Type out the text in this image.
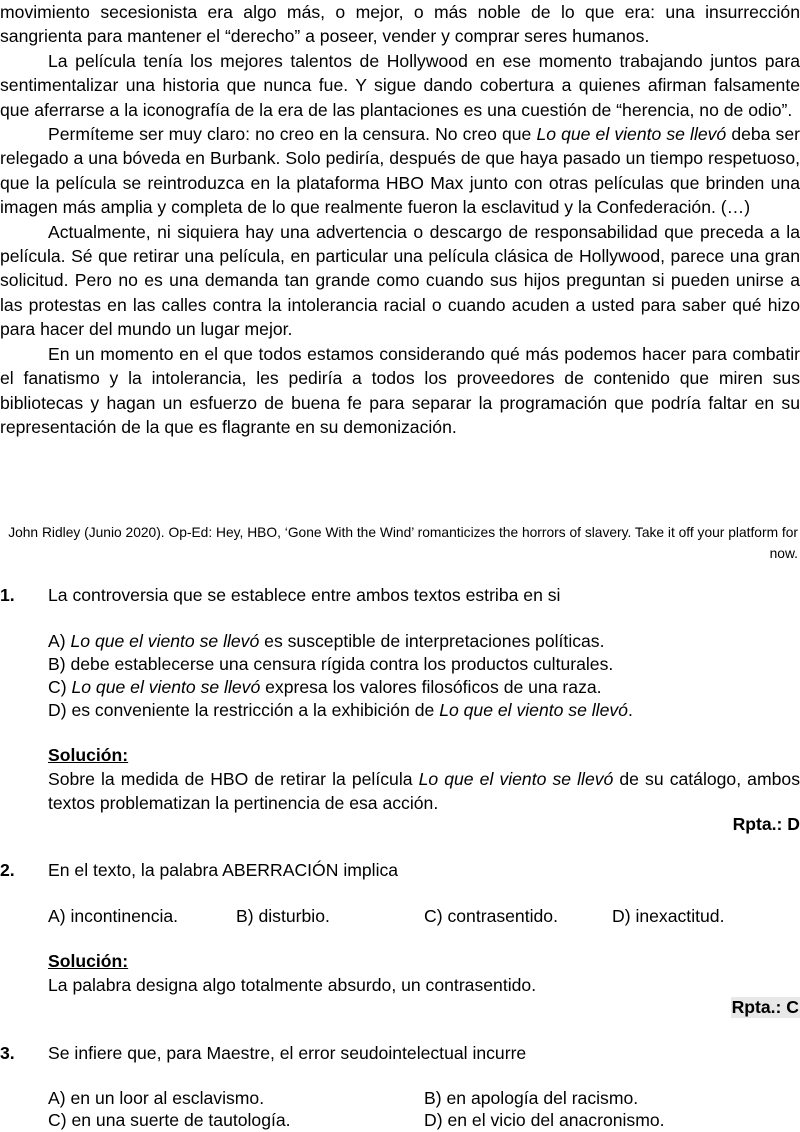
movimiento secesionista era algo más, o mejor, o más noble de lo que era: una insurrección sangrienta para mantener el “derecho” a poseer, vender y comprar seres humanos.

La película tenía los mejores talentos de Hollywood en ese momento trabajando juntos para sentimentalizar una historia que nunca fue. Y sigue dando cobertura a quienes afirman falsamente que aferrarse a la iconografía de la era de las plantaciones es una cuestión de “herencia, no de odio”.

Permíteme ser muy claro: no creo en la censura. No creo que Lo que el viento se llevó deba ser relegado a una bóveda en Burbank. Solo pediría, después de que haya pasado un tiempo respetuoso, que la película se reintroduzca en la plataforma HBO Max junto con otras películas que brinden una imagen más amplia y completa de lo que realmente fueron la esclavitud y la Confederación. (…)

Actualmente, ni siquiera hay una advertencia o descargo de responsabilidad que preceda a la película. Sé que retirar una película, en particular una película clásica de Hollywood, parece una gran solicitud. Pero no es una demanda tan grande como cuando sus hijos preguntan si pueden unirse a las protestas en las calles contra la intolerancia racial o cuando acuden a usted para saber qué hizo para hacer del mundo un lugar mejor.

En un momento en el que todos estamos considerando qué más podemos hacer para combatir el fanatismo y la intolerancia, les pediría a todos los proveedores de contenido que miren sus bibliotecas y hagan un esfuerzo de buena fe para separar la programación que podría faltar en su representación de la que es flagrante en su demonización.

John Ridley (Junio 2020). Op-Ed: Hey, HBO, ‘Gone With the Wind’ romanticizes the horrors of slavery. Take it off your platform for now.
1. La controversia que se establece entre ambos textos estriba en si
A) Lo que el viento se llevó es susceptible de interpretaciones políticas.
B) debe establecerse una censura rígida contra los productos culturales.
C) Lo que el viento se llevó expresa los valores filosóficos de una raza.
D) es conveniente la restricción a la exhibición de Lo que el viento se llevó.
Solución:
Sobre la medida de HBO de retirar la película Lo que el viento se llevó de su catálogo, ambos textos problematizan la pertinencia de esa acción.
Rpta.: D
2. En el texto, la palabra ABERRACIÓN implica
A) incontinencia.	B) disturbio.	C) contrasentido.	D) inexactitud.
Solución:
La palabra designa algo totalmente absurdo, un contrasentido.
Rpta.: C
3. Se infiere que, para Maestre, el error seudointelectual incurre
A) en un loor al esclavismo.	B) en apología del racismo.
C) en una suerte de tautología.	D) en el vicio del anacronismo.
